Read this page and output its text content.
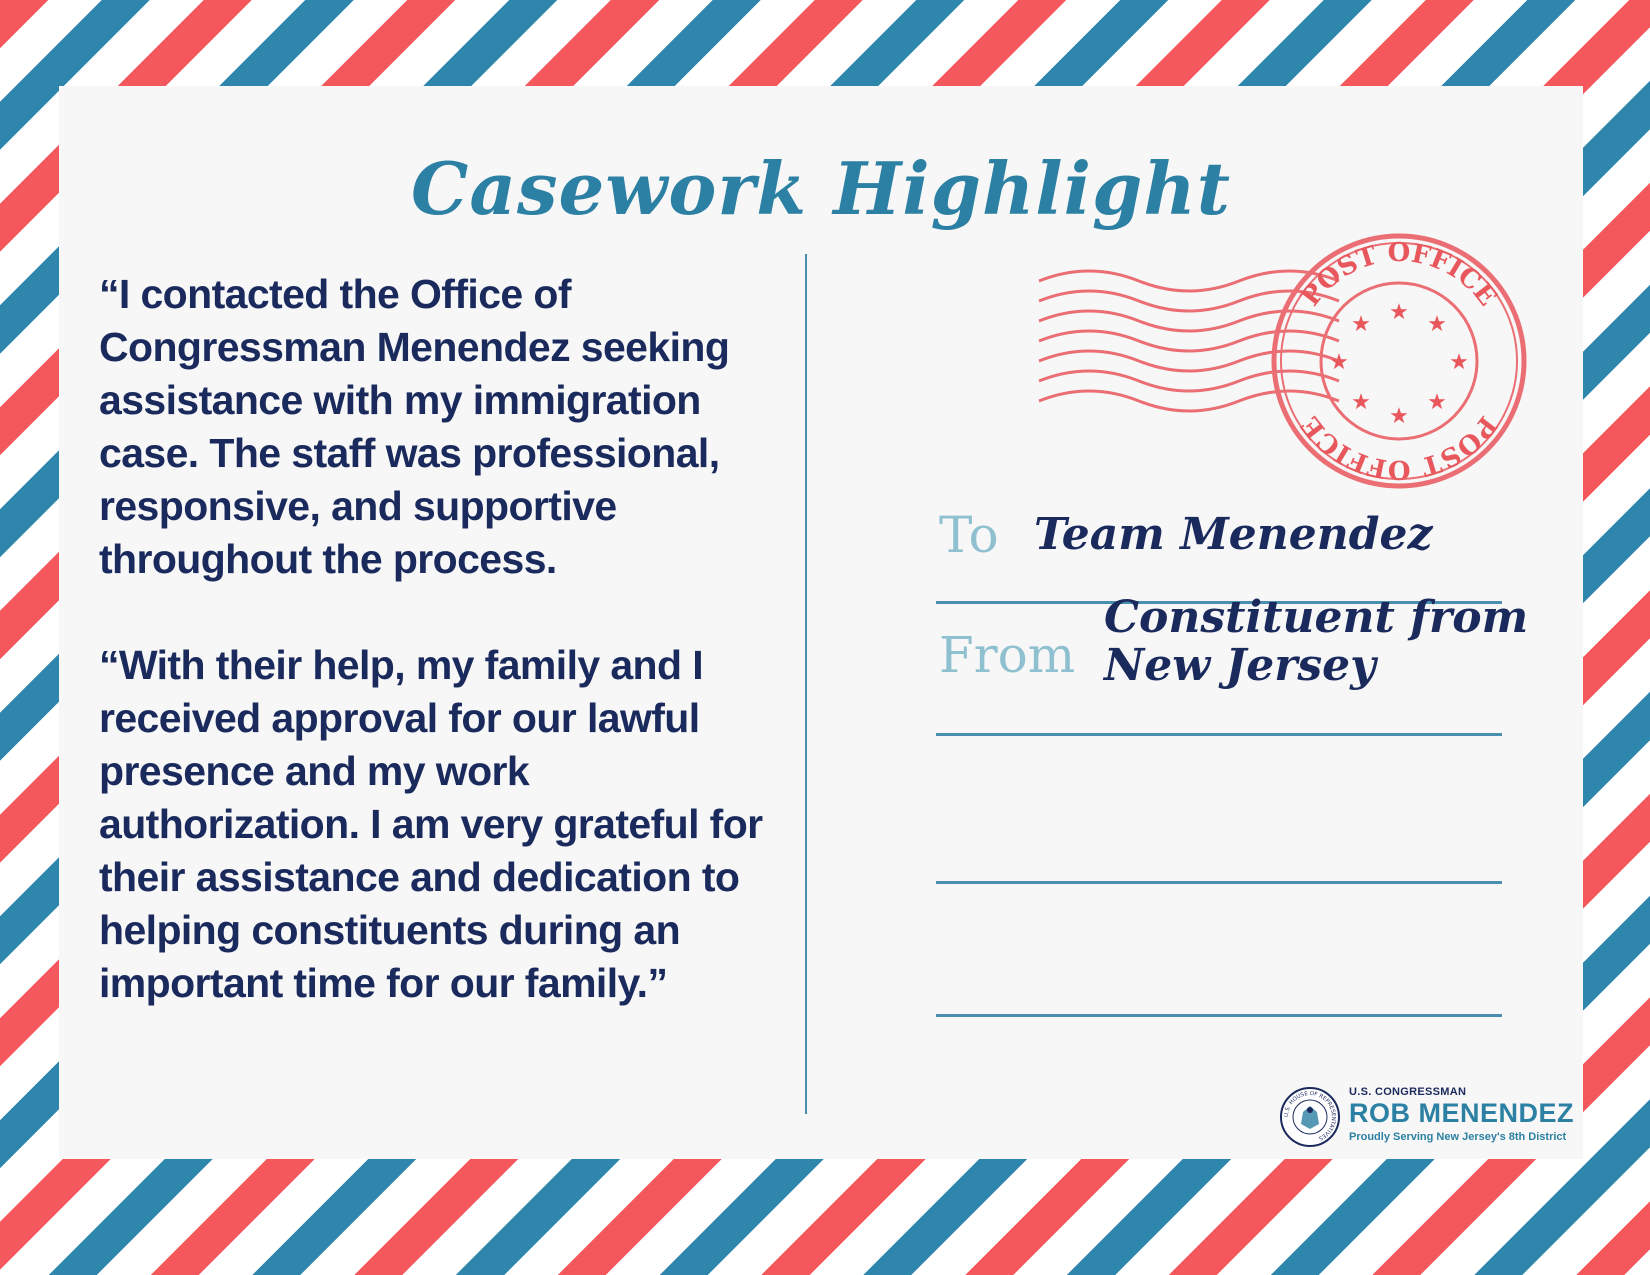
Casework Highlight

“I contacted the Office of Congressman Menendez seeking assistance with my immigration case. The staff was professional, responsive, and supportive throughout the process.

“With their help, my family and I received approval for our lawful presence and my work authorization. I am very grateful for their assistance and dedication to helping constituents during an important time for our family.”

POST OFFICE
POST OFFICE
★
★	★
★	★
★	★
★
To Team Menendez
From
Constituent from
New Jersey
U.S. HOUSE OF REPRESENTATIVES
U.S. CONGRESSMAN
ROB MENENDEZ
Proudly Serving New Jersey's 8th District
